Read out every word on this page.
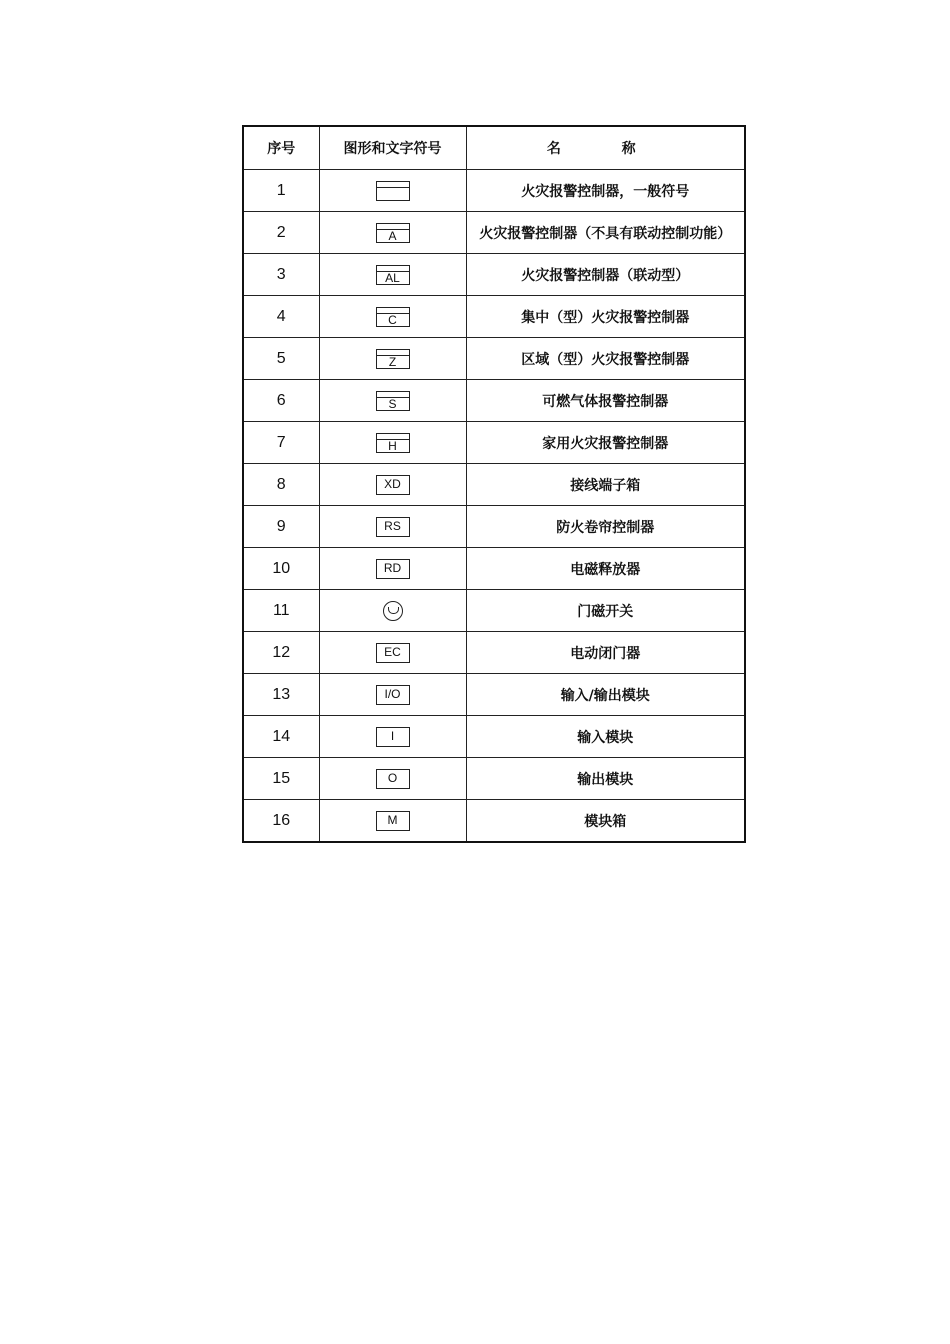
序号	图形和文字符号	名 称
1		火灾报警控制器，一般符号
2	A	火灾报警控制器（不具有联动控制功能）
3	AL	火灾报警控制器（联动型）
4	C	集中（型）火灾报警控制器
5	Z	区域（型）火灾报警控制器
6	S	可燃气体报警控制器
7	H	家用火灾报警控制器
8	XD	接线端子箱
9	RS	防火卷帘控制器
10	RD	电磁释放器
11		门磁开关
12	EC	电动闭门器
13	I/O	输入/输出模块
14	I	输入模块
15	O	输出模块
16	M	模块箱
